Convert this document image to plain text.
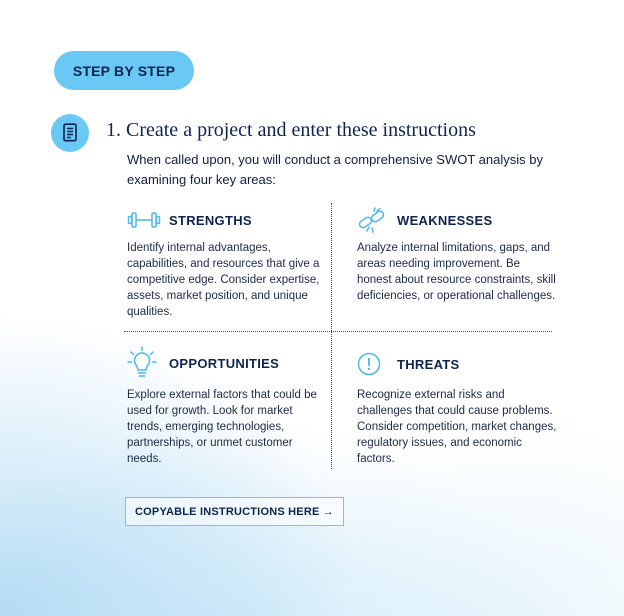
STEP BY STEP
1. Create a project and enter these instructions

When called upon, you will conduct a comprehensive SWOT analysis by examining four key areas:

STRENGTHS

Identify internal advantages, capabilities, and resources that give a competitive edge. Consider expertise, assets, market position, and unique qualities.

WEAKNESSES

Analyze internal limitations, gaps, and areas needing improvement. Be honest about resource constraints, skill deficiencies, or operational challenges.

OPPORTUNITIES

Explore external factors that could be used for growth. Look for market trends, emerging technologies, partnerships, or unmet customer needs.

THREATS

Recognize external risks and challenges that could cause problems. Consider competition, market changes, regulatory issues, and economic factors.

COPYABLE INSTRUCTIONS HERE →
